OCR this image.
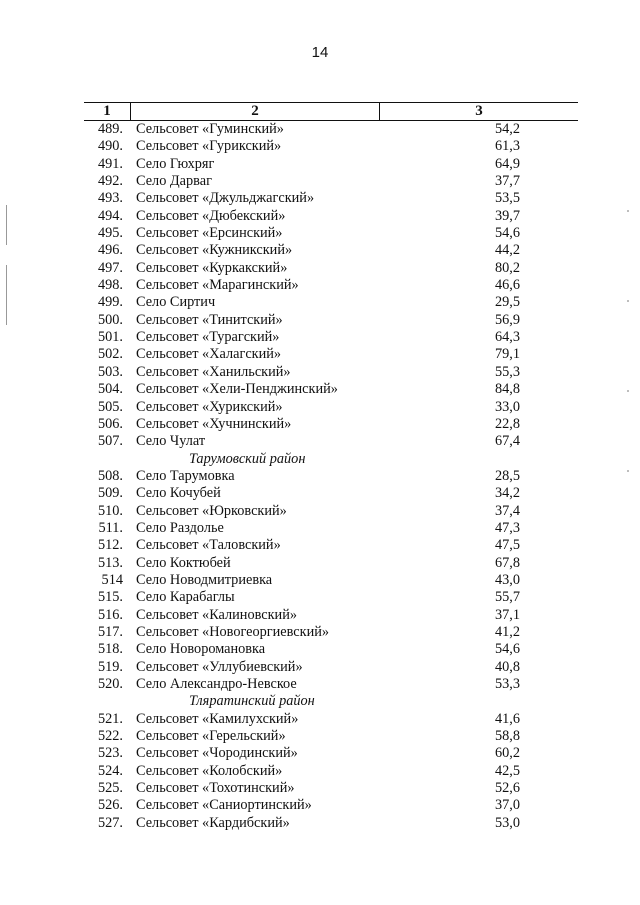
14
1	2	3
489. Сельсовет «Гуминский»	54,2
490. Сельсовет «Гурикский»	61,3
491. Село Гюхряг	64,9
492. Село Дарваг	37,7
493. Сельсовет «Джульджагский»	53,5
494. Сельсовет «Дюбекский»	39,7
495. Сельсовет «Ерсинский»	54,6
496. Сельсовет «Кужникский»	44,2
497. Сельсовет «Куркакский»	80,2
498. Сельсовет «Марагинский»	46,6
499. Село Сиртич	29,5
500. Сельсовет «Тинитский»	56,9
501. Сельсовет «Турагский»	64,3
502. Сельсовет «Халагский»	79,1
503. Сельсовет «Ханильский»	55,3
504. Сельсовет «Хели-Пенджинский»	84,8
505. Сельсовет «Хурикский»	33,0
506. Сельсовет «Хучнинский»	22,8
507. Село Чулат	67,4
Тарумовский район
508. Село Тарумовка	28,5
509. Село Кочубей	34,2
510. Сельсовет «Юрковский»	37,4
511. Село Раздолье	47,3
512. Сельсовет «Таловский»	47,5
513. Село Коктюбей	67,8
514 Село Новодмитриевка	43,0
515. Село Карабаглы	55,7
516. Сельсовет «Калиновский»	37,1
517. Сельсовет «Новогеоргиевский»	41,2
518. Село Новоромановка	54,6
519. Сельсовет «Уллубиевский»	40,8
520. Село Александро-Невское	53,3
Тляратинский район
521. Сельсовет «Камилухский»	41,6
522. Сельсовет «Герельский»	58,8
523. Сельсовет «Чородинский»	60,2
524. Сельсовет «Колобский»	42,5
525. Сельсовет «Тохотинский»	52,6
526. Сельсовет «Саниортинский»	37,0
527. Сельсовет «Кардибский»	53,0
